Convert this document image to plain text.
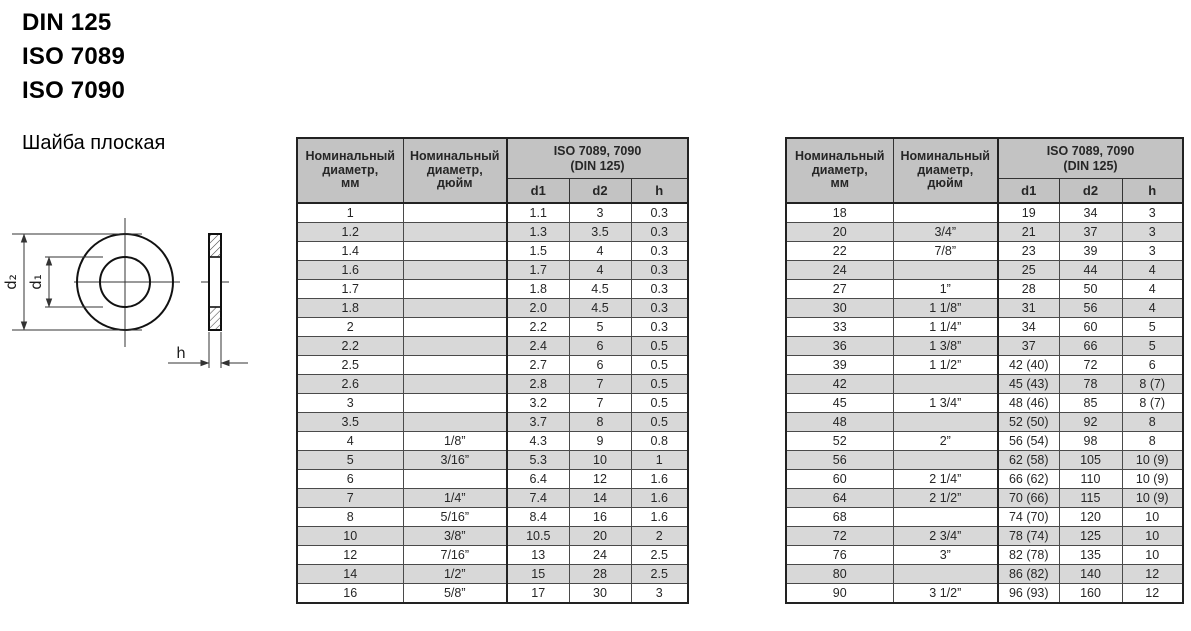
DIN 125
ISO 7089
ISO 7090
Шайба плоская
d₂ d₁
h
Номинальный
диаметр,
мм

Номинальный
диаметр,
дюйм

ISO 7089, 7090
(DIN 125)

		d1	d2	h
1		1.1	3	0.3
1.2		1.3	3.5	0.3
1.4		1.5	4	0.3
1.6		1.7	4	0.3
1.7		1.8	4.5	0.3
1.8		2.0	4.5	0.3
2		2.2	5	0.3
2.2		2.4	6	0.5
2.5		2.7	6	0.5
2.6		2.8	7	0.5
3		3.2	7	0.5
3.5		3.7	8	0.5
4	1/8”	4.3	9	0.8
5	3/16”	5.3	10	1
6		6.4	12	1.6
7	1/4”	7.4	14	1.6
8	5/16”	8.4	16	1.6
10	3/8”	10.5	20	2
12	7/16”	13	24	2.5
14	1/2”	15	28	2.5
16	5/8”	17	30	3
Номинальный
диаметр,
мм

Номинальный
диаметр,
дюйм

ISO 7089, 7090
(DIN 125)

		d1	d2	h
18		19	34	3
20	3/4”	21	37	3
22	7/8”	23	39	3
24		25	44	4
27	1”	28	50	4
30	1 1/8”	31	56	4
33	1 1/4”	34	60	5
36	1 3/8”	37	66	5
39	1 1/2”	42 (40)	72	6
42		45 (43)	78	8 (7)
45	1 3/4”	48 (46)	85	8 (7)
48		52 (50)	92	8
52	2”	56 (54)	98	8
56		62 (58)	105	10 (9)
60	2 1/4”	66 (62)	110	10 (9)
64	2 1/2”	70 (66)	115	10 (9)
68		74 (70)	120	10
72	2 3/4”	78 (74)	125	10
76	3”	82 (78)	135	10
80		86 (82)	140	12
90	3 1/2”	96 (93)	160	12
